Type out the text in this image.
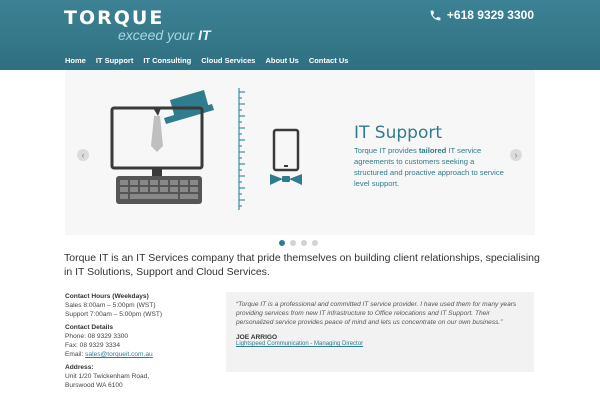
TORQUE
exceed your IT
+618 9329 3300
Home	IT Support	IT Consulting	Cloud Services	About Us	Contact Us
‹	›
IT Support
Torque IT provides tailored IT service agreements to customers seeking a structured and proactive approach to service level support.

Torque IT is an IT Services company that pride themselves on building client relationships, specialising in IT Solutions, Support and Cloud Services.

Contact Hours (Weekdays)
Sales 8:00am – 5:00pm (WST)
Support 7:00am – 5:00pm (WST)
Contact Details
Phone: 08 9329 3300
Fax: 08 9329 3334
Email: sales@torqueit.com.au
Address:
Unit 1/20 Twickenham Road,
Burswood WA 6100

“Torque IT is a professional and committed IT service provider. I have used them for many years providing services from new IT infrastructure to Office relocations and IT Support. Their personalized service provides peace of mind and lets us concentrate on our own business.”

JOE ARRIGO
Lightspeed Communication - Managing Director
